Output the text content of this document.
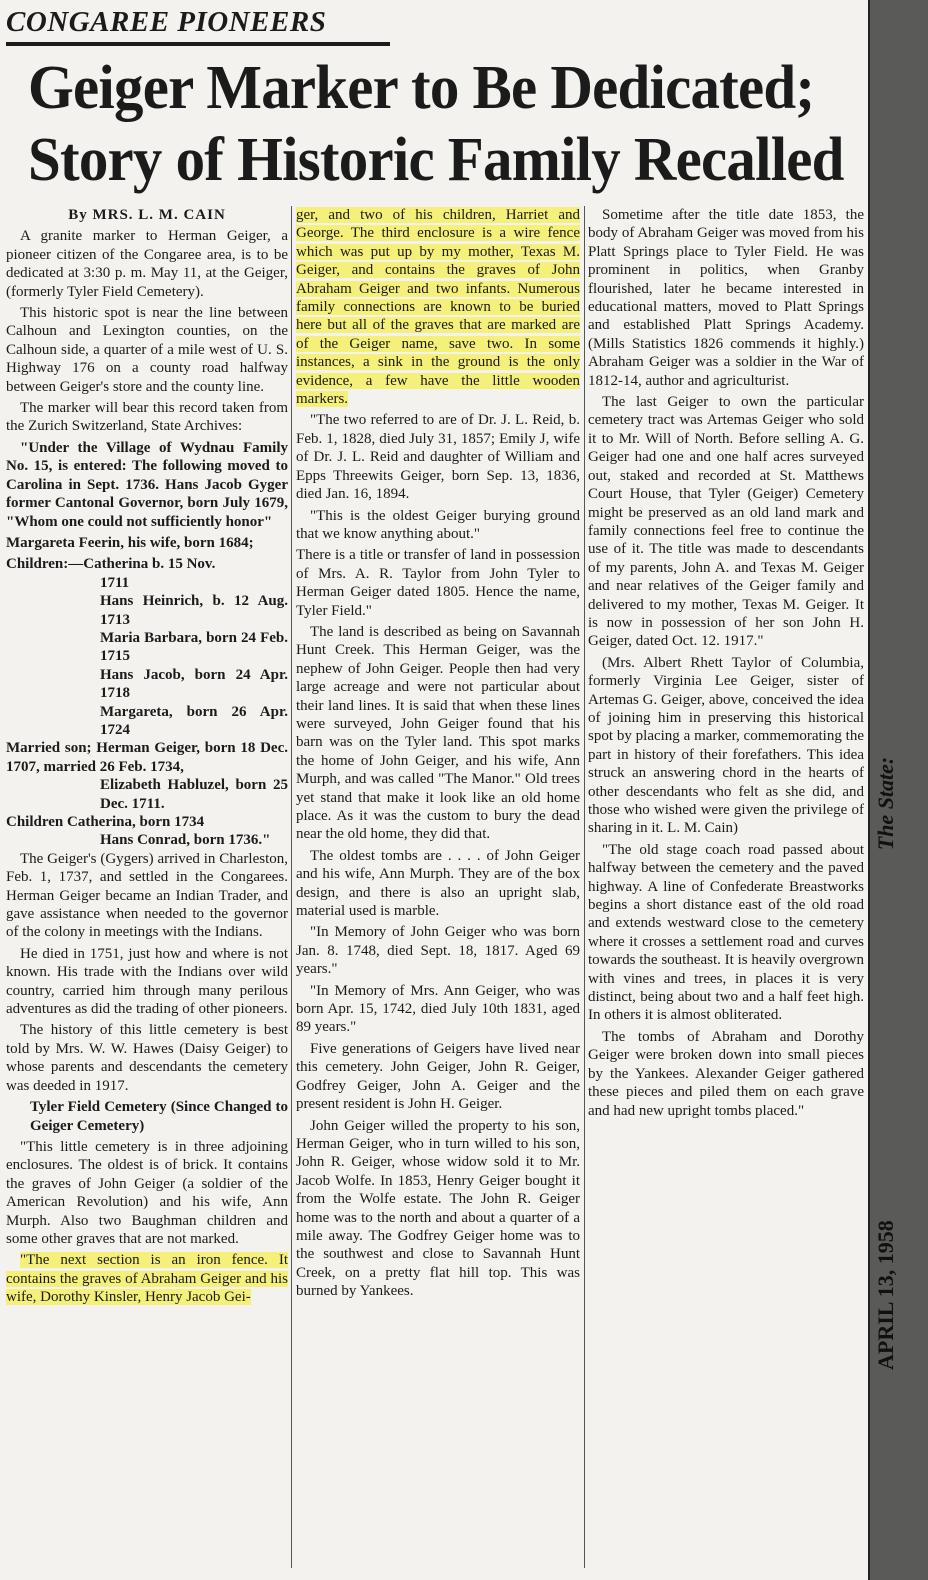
CONGAREE PIONEERS
Geiger Marker to Be Dedicated;
Story of Historic Family Recalled

By MRS. L. M. CAIN

A granite marker to Herman Geiger, a pioneer citizen of the Congaree area, is to be dedicated at 3:30 p. m. May 11, at the Geiger, (formerly Tyler Field Cemetery).

This historic spot is near the line between Calhoun and Lexington counties, on the Calhoun side, a quarter of a mile west of U. S. Highway 176 on a county road halfway between Geiger's store and the county line.

The marker will bear this record taken from the Zurich Switzerland, State Archives:

"Under the Village of Wydnau Family No. 15, is entered: The following moved to Carolina in Sept. 1736. Hans Jacob Gyger former Cantonal Governor, born July 1679, "Whom one could not sufficiently honor"

Margareta Feerin, his wife, born 1684;

Children:—Catherina b. 15 Nov.
1711
Hans Heinrich, b. 12 Aug. 1713
Maria Barbara, born 24 Feb. 1715
Hans Jacob, born 24 Apr. 1718
Margareta, born 26 Apr. 1724
Married son; Herman Geiger, born 18 Dec. 1707, married 26 Feb. 1734,
Elizabeth Habluzel, born 25 Dec. 1711.
Children Catherina, born 1734
Hans Conrad, born 1736."

The Geiger's (Gygers) arrived in Charleston, Feb. 1, 1737, and settled in the Congarees. Herman Geiger became an Indian Trader, and gave assistance when needed to the governor of the colony in meetings with the Indians.

He died in 1751, just how and where is not known. His trade with the Indians over wild country, carried him through many perilous adventures as did the trading of other pioneers.

The history of this little cemetery is best told by Mrs. W. W. Hawes (Daisy Geiger) to whose parents and descendants the cemetery was deeded in 1917.

Tyler Field Cemetery (Since Changed to Geiger Cemetery)

"This little cemetery is in three adjoining enclosures. The oldest is of brick. It contains the graves of John Geiger (a soldier of the American Revolution) and his wife, Ann Murph. Also two Baughman children and some other graves that are not marked.

"The next section is an iron fence. It contains the graves of Abraham Geiger and his wife, Dorothy Kinsler, Henry Jacob Gei-

ger, and two of his children, Harriet and George. The third enclosure is a wire fence which was put up by my mother, Texas M. Geiger, and contains the graves of John Abraham Geiger and two infants. Numerous family connections are known to be buried here but all of the graves that are marked are of the Geiger name, save two. In some instances, a sink in the ground is the only evidence, a few have the little wooden markers.

"The two referred to are of Dr. J. L. Reid, b. Feb. 1, 1828, died July 31, 1857; Emily J, wife of Dr. J. L. Reid and daughter of William and Epps Threewits Geiger, born Sep. 13, 1836, died Jan. 16, 1894.

"This is the oldest Geiger burying ground that we know anything about."

There is a title or transfer of land in possession of Mrs. A. R. Taylor from John Tyler to Herman Geiger dated 1805. Hence the name, Tyler Field."

The land is described as being on Savannah Hunt Creek. This Herman Geiger, was the nephew of John Geiger. People then had very large acreage and were not particular about their land lines. It is said that when these lines were surveyed, John Geiger found that his barn was on the Tyler land. This spot marks the home of John Geiger, and his wife, Ann Murph, and was called "The Manor." Old trees yet stand that make it look like an old home place. As it was the custom to bury the dead near the old home, they did that.

The oldest tombs are . . . . of John Geiger and his wife, Ann Murph. They are of the box design, and there is also an upright slab, material used is marble.

"In Memory of John Geiger who was born Jan. 8. 1748, died Sept. 18, 1817. Aged 69 years."

"In Memory of Mrs. Ann Geiger, who was born Apr. 15, 1742, died July 10th 1831, aged 89 years."

Five generations of Geigers have lived near this cemetery. John Geiger, John R. Geiger, Godfrey Geiger, John A. Geiger and the present resident is John H. Geiger.

John Geiger willed the property to his son, Herman Geiger, who in turn willed to his son, John R. Geiger, whose widow sold it to Mr. Jacob Wolfe. In 1853, Henry Geiger bought it from the Wolfe estate. The John R. Geiger home was to the north and about a quarter of a mile away. The Godfrey Geiger home was to the southwest and close to Savannah Hunt Creek, on a pretty flat hill top. This was burned by Yankees.

Sometime after the title date 1853, the body of Abraham Geiger was moved from his Platt Springs place to Tyler Field. He was prominent in politics, when Granby flourished, later he became interested in educational matters, moved to Platt Springs and established Platt Springs Academy. (Mills Statistics 1826 commends it highly.) Abraham Geiger was a soldier in the War of 1812-14, author and agriculturist.

The last Geiger to own the particular cemetery tract was Artemas Geiger who sold it to Mr. Will of North. Before selling A. G. Geiger had one and one half acres surveyed out, staked and recorded at St. Matthews Court House, that Tyler (Geiger) Cemetery might be preserved as an old land mark and family connections feel free to continue the use of it. The title was made to descendants of my parents, John A. and Texas M. Geiger and near relatives of the Geiger family and delivered to my mother, Texas M. Geiger. It is now in possession of her son John H. Geiger, dated Oct. 12. 1917."

(Mrs. Albert Rhett Taylor of Columbia, formerly Virginia Lee Geiger, sister of Artemas G. Geiger, above, conceived the idea of joining him in preserving this historical spot by placing a marker, commemorating the part in history of their forefathers. This idea struck an answering chord in the hearts of other descendants who felt as she did, and those who wished were given the privilege of sharing in it. L. M. Cain)

"The old stage coach road passed about halfway between the cemetery and the paved highway. A line of Confederate Breastworks begins a short distance east of the old road and extends westward close to the cemetery where it crosses a settlement road and curves towards the southeast. It is heavily overgrown with vines and trees, in places it is very distinct, being about two and a half feet high. In others it is almost obliterated.

The tombs of Abraham and Dorothy Geiger were broken down into small pieces by the Yankees. Alexander Geiger gathered these pieces and piled them on each grave and had new upright tombs placed."

APRIL 13, 1958The State:
